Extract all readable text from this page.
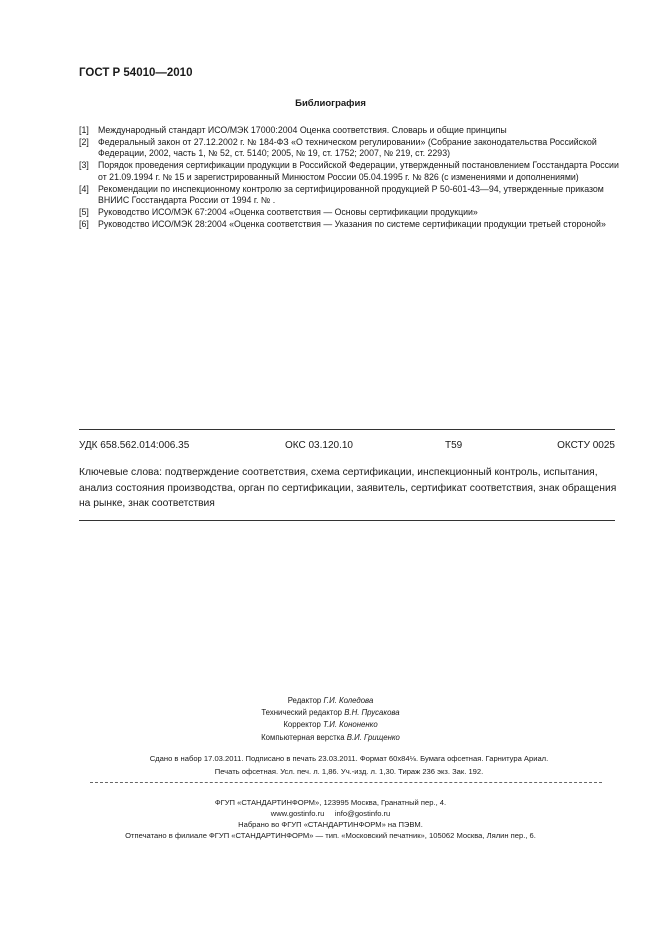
ГОСТ Р 54010—2010
Библиография
[1]	Международный стандарт ИСО/МЭК 17000:2004 Оценка соответствия. Словарь и общие принципы
[2]	Федеральный закон от 27.12.2002 г. № 184-ФЗ «О техническом регулировании» (Собрание законодательства Российской Федерации, 2002, часть 1, № 52, ст. 5140; 2005, № 19, ст. 1752; 2007, № 219, ст. 2293)
[3]	Порядок проведения сертификации продукции в Российской Федерации, утвержденный постановлением Госстандарта России от 21.09.1994 г. № 15 и зарегистрированный Минюстом России 05.04.1995 г. № 826 (с изменениями и дополнениями)
[4]	Рекомендации по инспекционному контролю за сертифицированной продукцией Р 50-601-43—94, утвержденные приказом ВНИИС Госстандарта России от 1994 г. № .
[5]	Руководство ИСО/МЭК 67:2004 «Оценка соответствия — Основы сертификации продукции»
[6]	Руководство ИСО/МЭК 28:2004 «Оценка соответствия — Указания по системе сертификации продукции третьей стороной»
УДК 658.562.014:006.35	ОКС 03.120.10	Т59	ОКСТУ 0025
Ключевые слова: подтверждение соответствия, схема сертификации, инспекционный контроль, испытания, анализ состояния производства, орган по сертификации, заявитель, сертификат соответствия, знак обращения на рынке, знак соответствия
Редактор Г.И. Коледова
Технический редактор В.Н. Прусакова
Корректор Т.И. Кононенко
Компьютерная верстка В.И. Грищенко
Сдано в набор 17.03.2011. Подписано в печать 23.03.2011. Формат 60х84⅛. Бумага офсетная. Гарнитура Ариал.
Печать офсетная. Усл. печ. л. 1,86. Уч.-изд. л. 1,30. Тираж 236 экз. Зак. 192.
ФГУП «СТАНДАРТИНФОРМ», 123995 Москва, Гранатный пер., 4.
www.gostinfo.ru     info@gostinfo.ru
Набрано во ФГУП «СТАНДАРТИНФОРМ» на ПЭВМ.
Отпечатано в филиале ФГУП «СТАНДАРТИНФОРМ» — тип. «Московский печатник», 105062 Москва, Лялин пер., 6.
